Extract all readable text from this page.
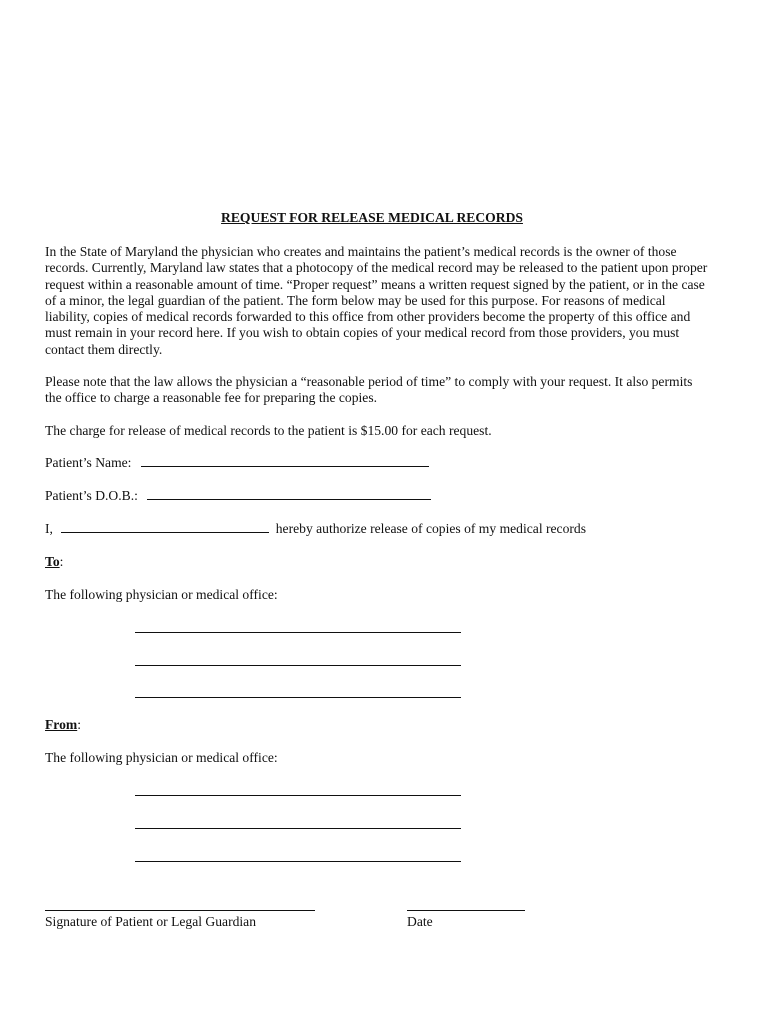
REQUEST FOR RELEASE MEDICAL RECORDS

In the State of Maryland the physician who creates and maintains the patient’s medical records is the owner of those records. Currently, Maryland law states that a photocopy of the medical record may be released to the patient upon proper request within a reasonable amount of time. “Proper request” means a written request signed by the patient, or in the case of a minor, the legal guardian of the patient. The form below may be used for this purpose. For reasons of medical liability, copies of medical records forwarded to this office from other providers become the property of this office and must remain in your record here. If you wish to obtain copies of your medical record from those providers, you must contact them directly.

Please note that the law allows the physician a “reasonable period of time” to comply with your request. It also permits the office to charge a reasonable fee for preparing the copies.

The charge for release of medical records to the patient is $15.00 for each request.

Patient’s Name:
Patient’s D.O.B.:
I,	hereby authorize release of copies of my medical records
To:
The following physician or medical office:
From:
The following physician or medical office:
Signature of Patient or Legal Guardian	Date
